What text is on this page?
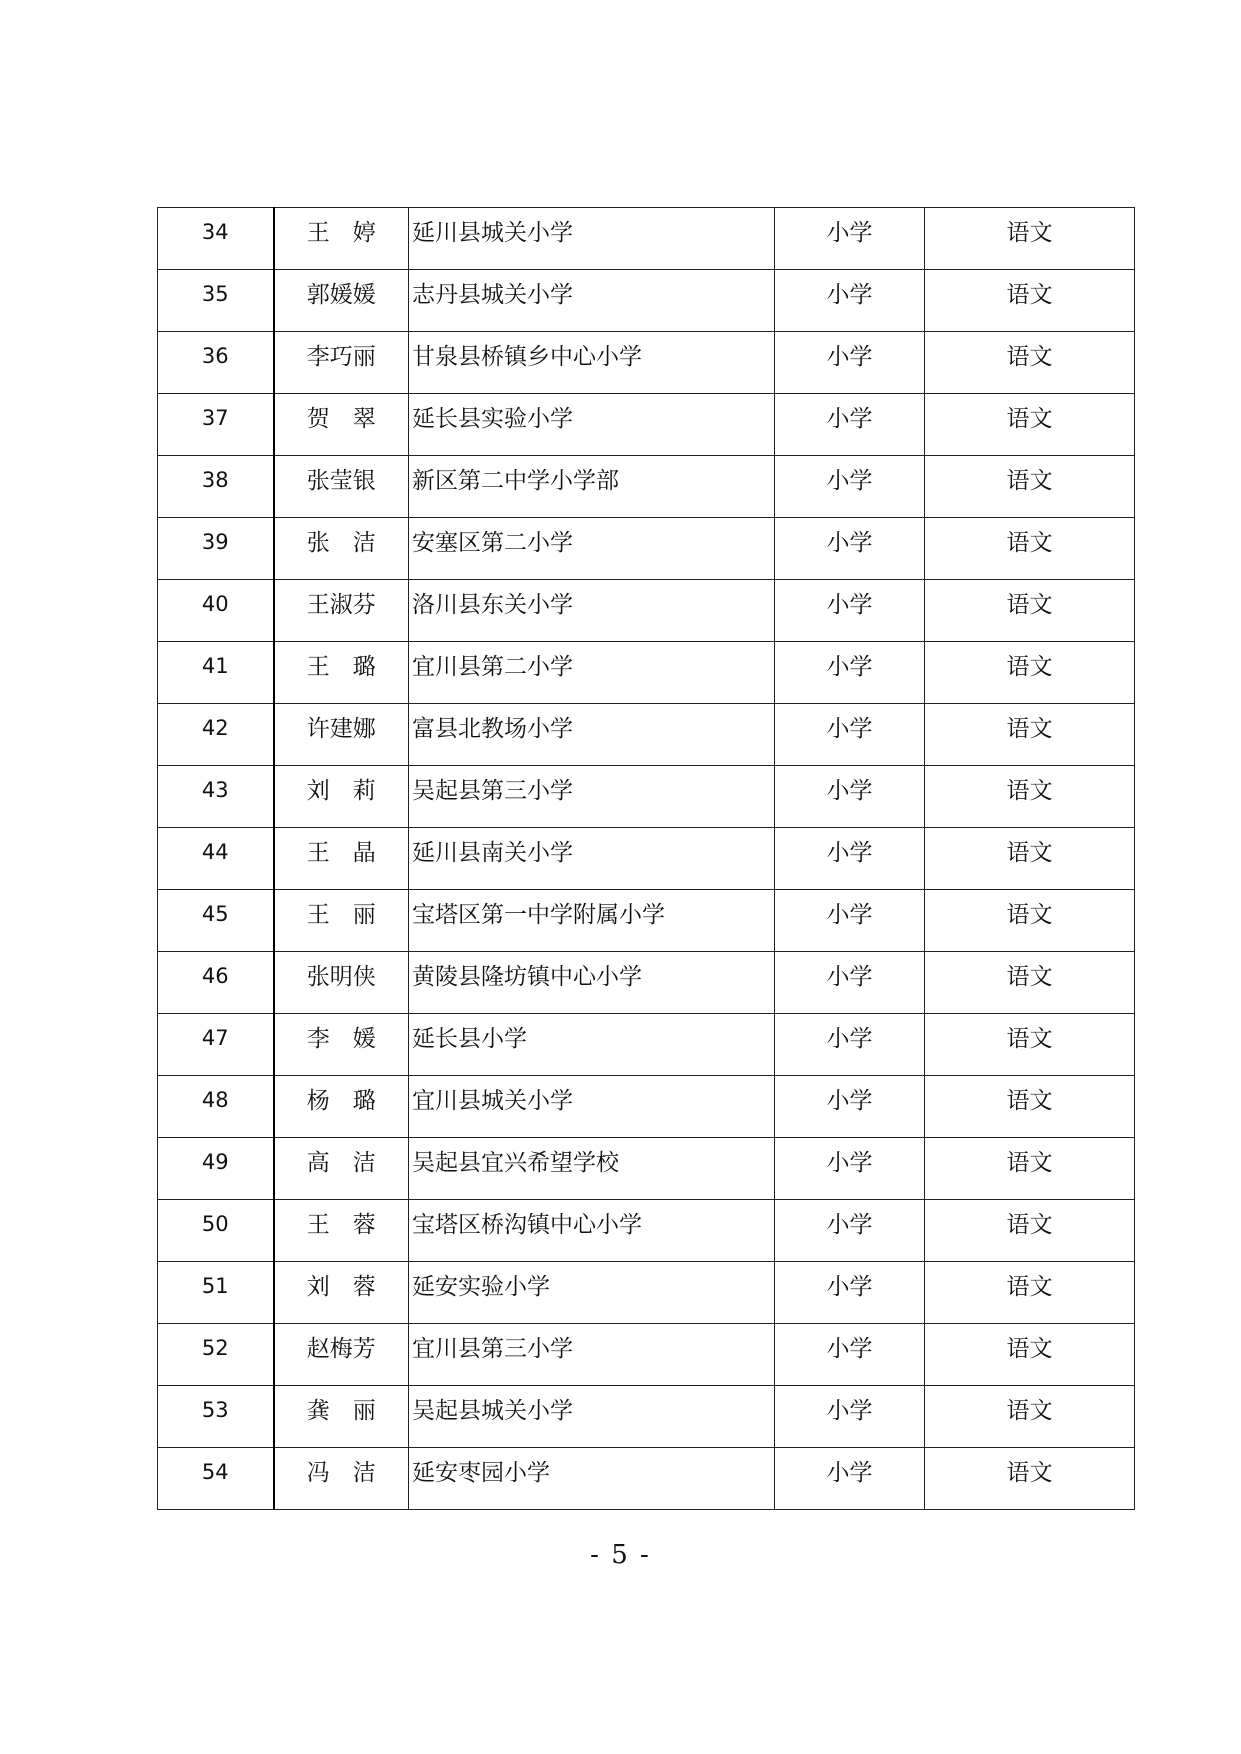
34	王　婷	延川县城关小学	小学	语文

35	郭媛媛	志丹县城关小学	小学	语文

36	李巧丽	甘泉县桥镇乡中心小学	小学	语文

37	贺　翠	延长县实验小学	小学	语文

38	张莹银	新区第二中学小学部	小学	语文

39	张　洁	安塞区第二小学	小学	语文

40	王淑芬	洛川县东关小学	小学	语文

41	王　璐	宜川县第二小学	小学	语文

42	许建娜	富县北教场小学	小学	语文

43	刘　莉	吴起县第三小学	小学	语文

44	王　晶	延川县南关小学	小学	语文

45	王　丽	宝塔区第一中学附属小学	小学	语文

46	张明侠	黄陵县隆坊镇中心小学	小学	语文

47	李　媛	延长县小学	小学	语文

48	杨　璐	宜川县城关小学	小学	语文

49	高　洁	吴起县宜兴希望学校	小学	语文

50	王　蓉	宝塔区桥沟镇中心小学	小学	语文

51	刘　蓉	延安实验小学	小学	语文

52	赵梅芳	宜川县第三小学	小学	语文

53	龚　丽	吴起县城关小学	小学	语文

54	冯　洁	延安枣园小学	小学	语文
- 5 -
